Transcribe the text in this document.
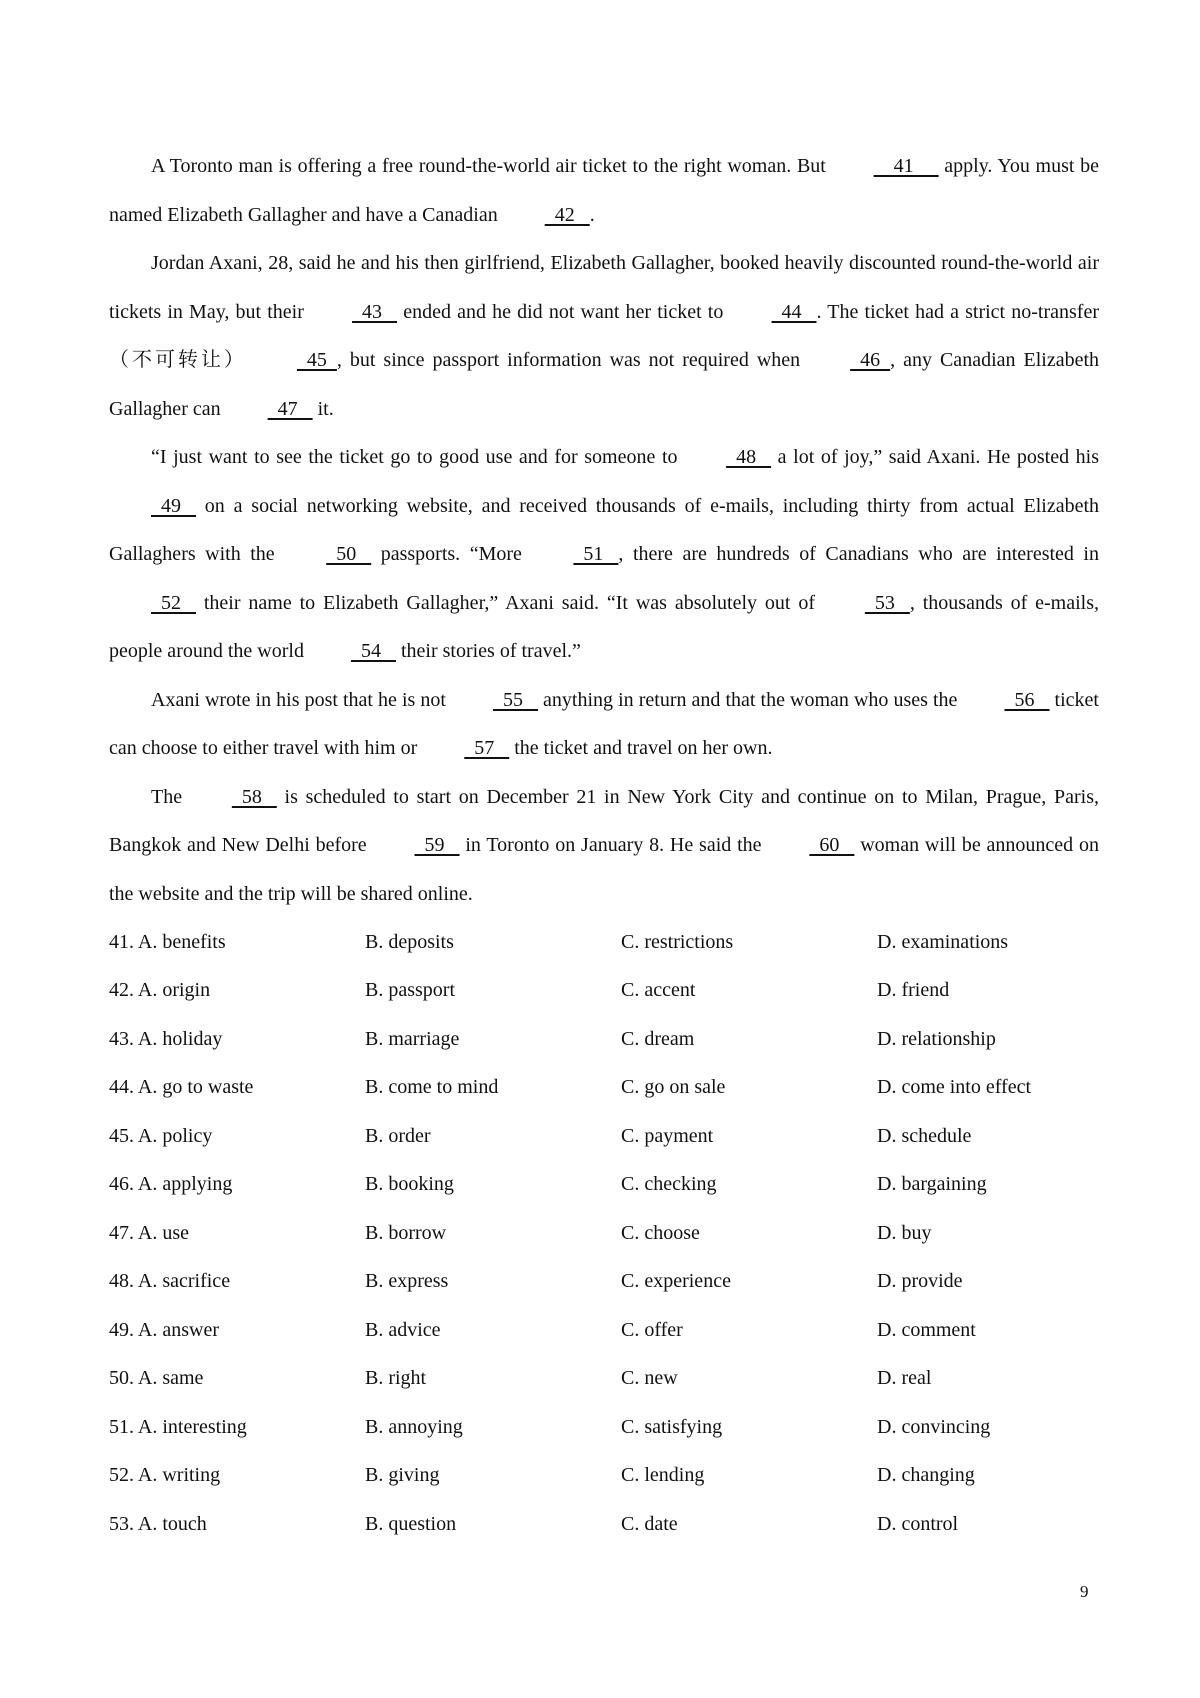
A Toronto man is offering a free round-the-world air ticket to the right woman. But     41      apply. You must be named Elizabeth Gallagher and have a Canadian   42   .

Jordan Axani, 28, said he and his then girlfriend, Elizabeth Gallagher, booked heavily discounted round-the-world air tickets in May, but their   43    ended and he did not want her ticket to   44   . The ticket had a strict no-transfer（不可转让）   45  , but since passport information was not required when   46  , any Canadian Elizabeth Gallagher can   47    it.

“I just want to see the ticket go to good use and for someone to   48    a lot of joy,” said Axani. He posted his   49    on a social networking website, and received thousands of e-mails, including thirty from actual Elizabeth Gallaghers with the   50    passports. “More   51   , there are hundreds of Canadians who are interested in   52    their name to Elizabeth Gallagher,” Axani said. “It was absolutely out of   53   , thousands of e-mails, people around the world   54    their stories of travel.”

Axani wrote in his post that he is not   55    anything in return and that the woman who uses the   56    ticket can choose to either travel with him or   57    the ticket and travel on her own.

The   58    is scheduled to start on December 21 in New York City and continue on to Milan, Prague, Paris, Bangkok and New Delhi before   59    in Toronto on January 8. He said the   60    woman will be announced on the website and the trip will be shared online.

41. A. benefits	B. deposits	C. restrictions	D. examinations
42. A. origin	B. passport	C. accent	D. friend
43. A. holiday	B. marriage	C. dream	D. relationship
44. A. go to waste	B. come to mind	C. go on sale	D. come into effect
45. A. policy	B. order	C. payment	D. schedule
46. A. applying	B. booking	C. checking	D. bargaining
47. A. use	B. borrow	C. choose	D. buy
48. A. sacrifice	B. express	C. experience	D. provide
49. A. answer	B. advice	C. offer	D. comment
50. A. same	B. right	C. new	D. real
51. A. interesting	B. annoying	C. satisfying	D. convincing
52. A. writing	B. giving	C. lending	D. changing
53. A. touch	B. question	C. date	D. control
9
